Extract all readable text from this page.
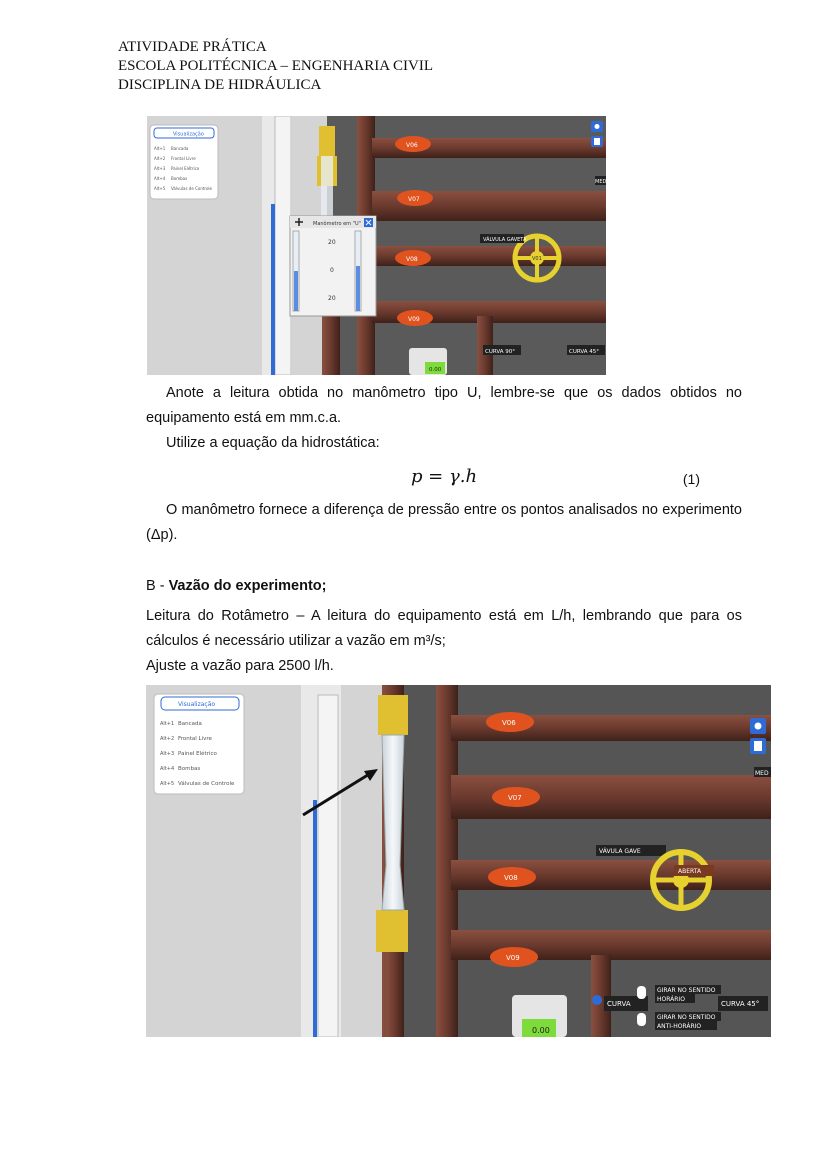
ATIVIDADE PRÁTICA
ESCOLA POLITÉCNICA – ENGENHARIA CIVIL
DISCIPLINA DE HIDRÁULICA
V06
V07
V08
V09
V01
VÁLVULA GAVETA
MED
CURVA 90°	CURVA 45°
0.00
Visualização
Alt+1 Bancada
Alt+2 Frontal Livre
Alt+3 Painel Elétrico
Alt+4 Bombas
Alt+5 Válvulas de Controle
Manômetro em "U"
20
0
20
Anote a leitura obtida no manômetro tipo U, lembre-se que os dados obtidos no equipamento está em mm.c.a.
Utilize a equação da hidrostática:
p = γ.h	(1)
O manômetro fornece a diferença de pressão entre os pontos analisados no experimento (Δp).
B - Vazão do experimento;
Leitura do Rotâmetro – A leitura do equipamento está em L/h, lembrando que para os cálculos é necessário utilizar a vazão em m³/s;
Ajuste a vazão para 2500 l/h.
V06
V07
V08
V09
VÁVULA GAVE
ABERTA
MED
CURVA	CURVA 45°
GIRAR NO SENTIDO
HORÁRIO
GIRAR NO SENTIDO
ANTI-HORÁRIO
0.00
Visualização
Alt+1 Bancada
Alt+2 Frontal Livre
Alt+3 Painel Elétrico
Alt+4 Bombas
Alt+5 Válvulas de Controle
